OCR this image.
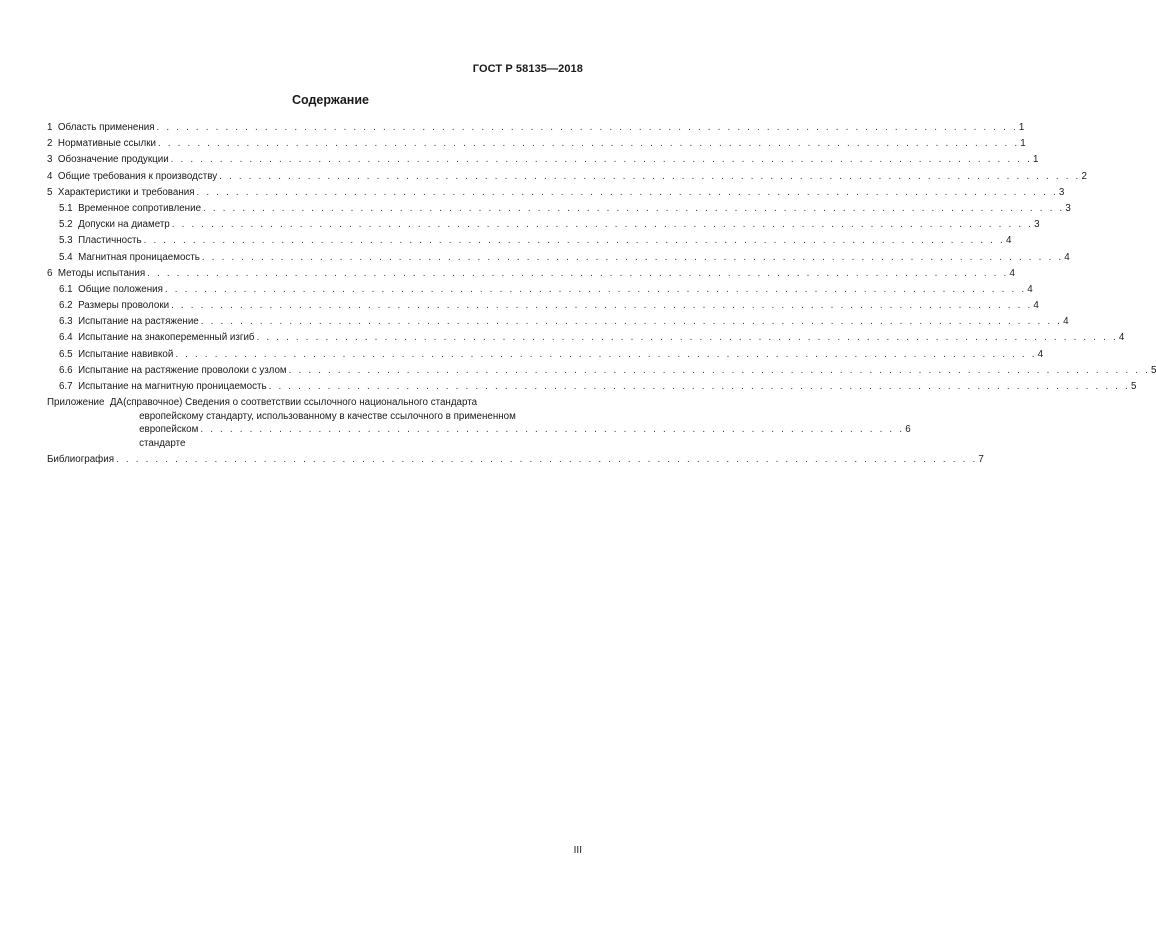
ГОСТ Р 58135—2018
Содержание
1 Область применения . . . . . . . . . . . . . . . . . . . . . . . . . . . . . . . . . . . . . . . . . . . . . . . . . . . . . . . . . . . . . . . . . . . . . . . . . . . . . . . . . . . . . . . . 1
2 Нормативные ссылки . . . . . . . . . . . . . . . . . . . . . . . . . . . . . . . . . . . . . . . . . . . . . . . . . . . . . . . . . . . . . . . . . . . . . . . . . . . . . . . . . . . . . . . . 1
3 Обозначение продукции . . . . . . . . . . . . . . . . . . . . . . . . . . . . . . . . . . . . . . . . . . . . . . . . . . . . . . . . . . . . . . . . . . . . . . . . . . . . . . . . . . . . . . . . 1
4 Общие требования к производству . . . . . . . . . . . . . . . . . . . . . . . . . . . . . . . . . . . . . . . . . . . . . . . . . . . . . . . . . . . . . . . . . . . . . . . . . . . . . . . . . . . . . . . . 2
5 Характеристики и требования . . . . . . . . . . . . . . . . . . . . . . . . . . . . . . . . . . . . . . . . . . . . . . . . . . . . . . . . . . . . . . . . . . . . . . . . . . . . . . . . . . . . . . . . 3
5.1 Временное сопротивление . . . . . . . . . . . . . . . . . . . . . . . . . . . . . . . . . . . . . . . . . . . . . . . . . . . . . . . . . . . . . . . . . . . . . . . . . . . . . . . . . . . . . . . . 3
5.2 Допуски на диаметр . . . . . . . . . . . . . . . . . . . . . . . . . . . . . . . . . . . . . . . . . . . . . . . . . . . . . . . . . . . . . . . . . . . . . . . . . . . . . . . . . . . . . . . . 3
5.3 Пластичность . . . . . . . . . . . . . . . . . . . . . . . . . . . . . . . . . . . . . . . . . . . . . . . . . . . . . . . . . . . . . . . . . . . . . . . . . . . . . . . . . . . . . . . . 4
5.4 Магнитная проницаемость . . . . . . . . . . . . . . . . . . . . . . . . . . . . . . . . . . . . . . . . . . . . . . . . . . . . . . . . . . . . . . . . . . . . . . . . . . . . . . . . . . . . . . . . 4
6 Методы испытания . . . . . . . . . . . . . . . . . . . . . . . . . . . . . . . . . . . . . . . . . . . . . . . . . . . . . . . . . . . . . . . . . . . . . . . . . . . . . . . . . . . . . . . . 4
6.1 Общие положения . . . . . . . . . . . . . . . . . . . . . . . . . . . . . . . . . . . . . . . . . . . . . . . . . . . . . . . . . . . . . . . . . . . . . . . . . . . . . . . . . . . . . . . . 4
6.2 Размеры проволоки . . . . . . . . . . . . . . . . . . . . . . . . . . . . . . . . . . . . . . . . . . . . . . . . . . . . . . . . . . . . . . . . . . . . . . . . . . . . . . . . . . . . . . . . 4
6.3 Испытание на растяжение . . . . . . . . . . . . . . . . . . . . . . . . . . . . . . . . . . . . . . . . . . . . . . . . . . . . . . . . . . . . . . . . . . . . . . . . . . . . . . . . . . . . . . . . 4
6.4 Испытание на знакопеременный изгиб . . . . . . . . . . . . . . . . . . . . . . . . . . . . . . . . . . . . . . . . . . . . . . . . . . . . . . . . . . . . . . . . . . . . . . . . . . . . . . . . . . . . . . . . 4
6.5 Испытание навивкой . . . . . . . . . . . . . . . . . . . . . . . . . . . . . . . . . . . . . . . . . . . . . . . . . . . . . . . . . . . . . . . . . . . . . . . . . . . . . . . . . . . . . . . . 4
6.6 Испытание на растяжение проволоки с узлом . . . . . . . . . . . . . . . . . . . . . . . . . . . . . . . . . . . . . . . . . . . . . . . . . . . . . . . . . . . . . . . . . . . . . . . . . . . . . . . . . . . . . . . . 5
6.7 Испытание на магнитную проницаемость . . . . . . . . . . . . . . . . . . . . . . . . . . . . . . . . . . . . . . . . . . . . . . . . . . . . . . . . . . . . . . . . . . . . . . . . . . . . . . . . . . . . . . . . 5
Приложение  ДА (справочное) Сведения о соответствии ссылочного национального стандарта
европейскому стандарту, использованному в качестве ссылочного в примененном
европейском стандарте
. . . . . . . . . . . . . . . . . . . . . . . . . . . . . . . . . . . . . . . . . . . . . . . . . . . . . . . . . . . . . . . . . . . . . . . . 6
Библиография . . . . . . . . . . . . . . . . . . . . . . . . . . . . . . . . . . . . . . . . . . . . . . . . . . . . . . . . . . . . . . . . . . . . . . . . . . . . . . . . . . . . . . . . 7
III
